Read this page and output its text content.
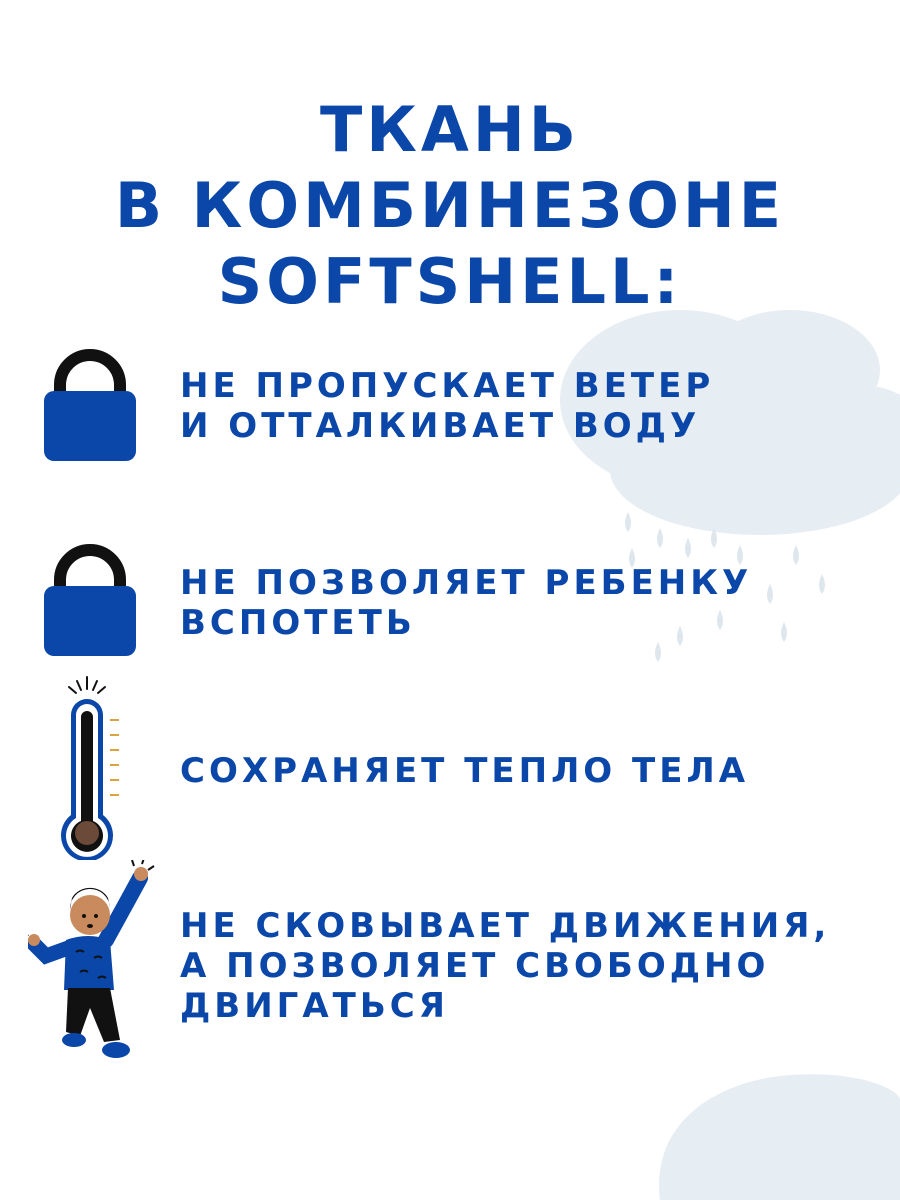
ТКАНЬ
В КОМБИНЕЗОНЕ
SOFTSHELL:
НЕ ПРОПУСКАЕТ ВЕТЕР
И ОТТАЛКИВАЕТ ВОДУ
НЕ ПОЗВОЛЯЕТ РЕБЕНКУ
ВСПОТЕТЬ
СОХРАНЯЕТ ТЕПЛО ТЕЛА
НЕ СКОВЫВАЕТ ДВИЖЕНИЯ,
А ПОЗВОЛЯЕТ СВОБОДНО
ДВИГАТЬСЯ
